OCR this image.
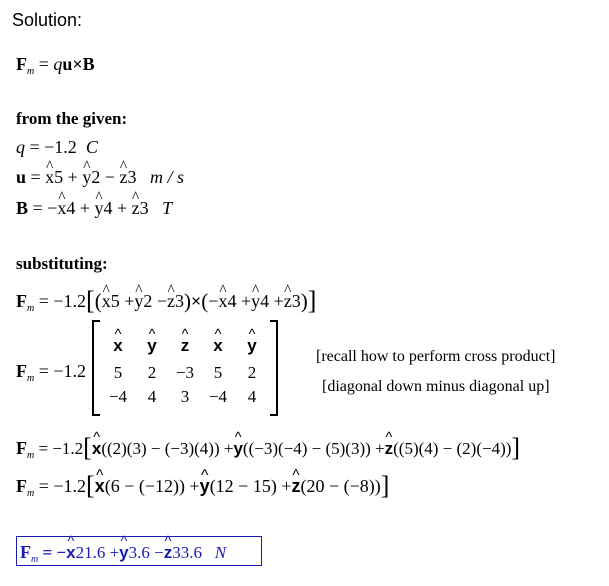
Solution:
$F_m = qu\times B$
from the given:
q = −1.2 C
u = ^ x5 + ^ y2 − ^ z3 m / s
B = −^ x4 + ^ y4 + ^ z3 T
substituting:
$F_m$ = −1.2[(^ x5 +^ y2 −^ z3)×(−^ x4 +^ y4 +^ z3)]
$F_m = -1.2$
^ x	^ y	^ z	^ x	^ y
5	2	−3	5	2
−4	4	3	−4	4
[recall how to perform cross product]
[diagonal down minus diagonal up]
$F_m$ = −1.2[^ x((2)(3) − (−3)(4)) +^ y((−3)(−4) − (5)(3)) +^ z((5)(4) − (2)(−4))]
$F_m$ = −1.2[^ x(6 − (−12)) +^ y(12 − 15) +^ z(20 − (−8))]
$F_m$ = −^ x21.6 +^ y3.6 −^ z33.6 N
